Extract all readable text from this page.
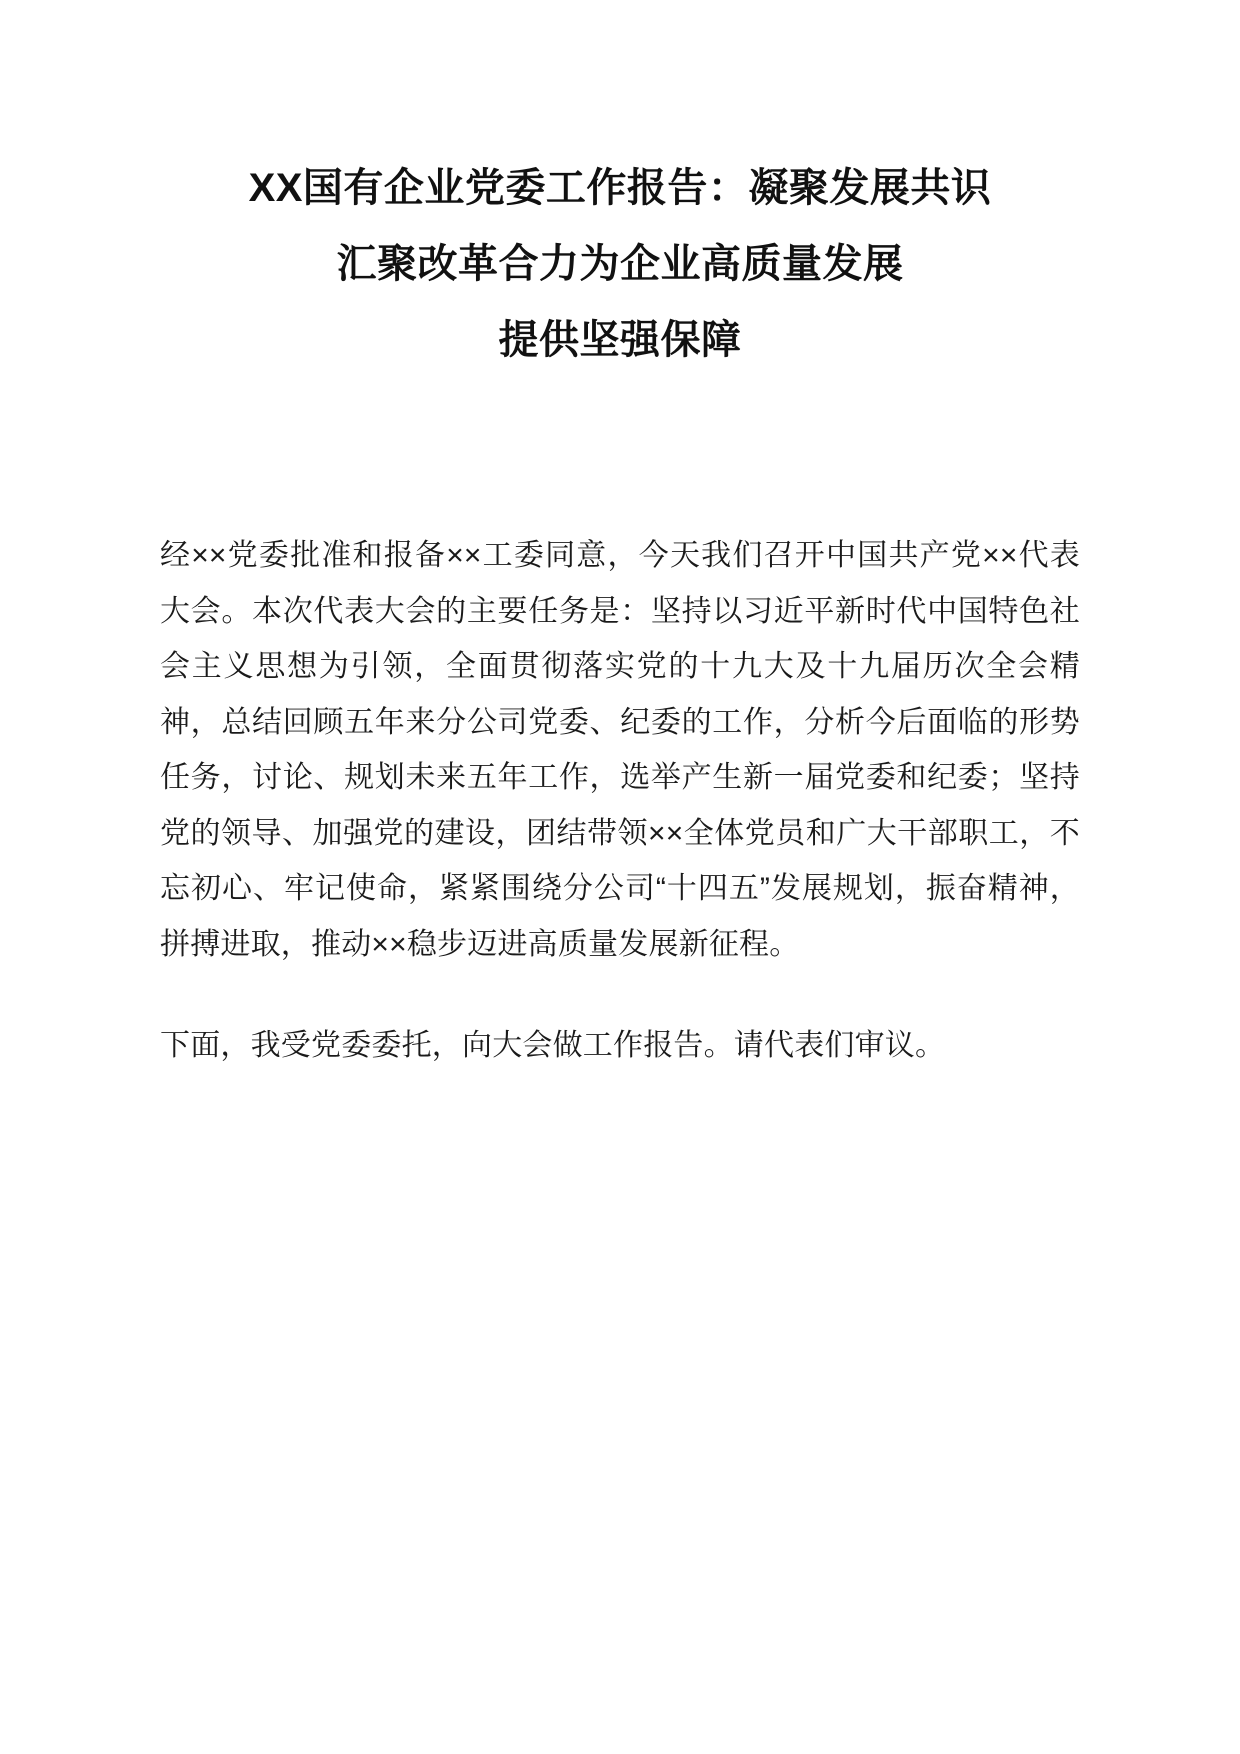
XX国有企业党委工作报告：凝聚发展共识
汇聚改革合力为企业高质量发展
提供坚强保障

经××党委批准和报备××工委同意，今天我们召开中国共产党××代表大会。本次代表大会的主要任务是：坚持以习近平新时代中国特色社会主义思想为引领，全面贯彻落实党的十九大及十九届历次全会精神，总结回顾五年来分公司党委、纪委的工作，分析今后面临的形势任务，讨论、规划未来五年工作，选举产生新一届党委和纪委；坚持党的领导、加强党的建设，团结带领××全体党员和广大干部职工，不忘初心、牢记使命，紧紧围绕分公司“十四五”发展规划，振奋精神，拼搏进取，推动××稳步迈进高质量发展新征程。

下面，我受党委委托，向大会做工作报告。请代表们审议。
